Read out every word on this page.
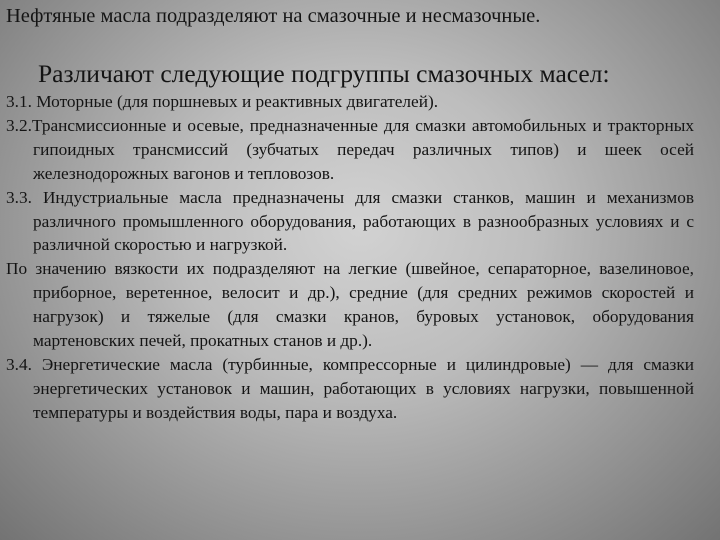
Нефтяные масла подразделяют на смазочные и несмазочные.
Различают следующие подгруппы смазочных масел:

3.1. Моторные (для поршневых и реактивных двигателей).

3.2.Трансмиссионные и осевые, предназначенные для смазки автомобильных и тракторных гипоидных трансмиссий (зубчатых передач различных типов) и шеек осей железнодорожных вагонов и тепловозов.

3.3. Индустриальные масла предназначены для смазки станков, машин и механизмов различного промышленного оборудования, работающих в разнообразных условиях и с различной скоростью и нагрузкой.

По значению вязкости их подразделяют на легкие (швейное, сепараторное, вазелиновое, приборное, веретенное, велосит и др.), средние (для средних режимов скоростей и нагрузок) и тяжелые (для смазки кранов, буровых установок, оборудования мартеновских печей, прокатных станов и др.).

3.4. Энергетические масла (турбинные, компрессорные и цилиндровые) — для смазки энергетических установок и машин, работающих в условиях нагрузки, повышенной температуры и воздействия воды, пара и воздуха.
